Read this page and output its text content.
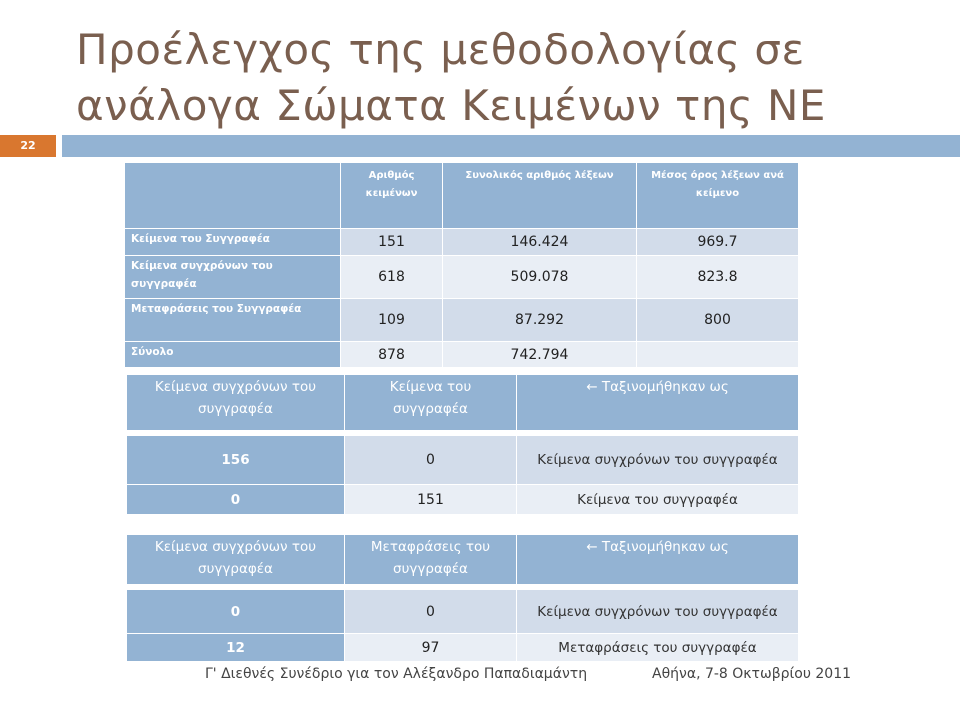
Προέλεγχος της μεθοδολογίας σε
ανάλογα Σώματα Κειμένων της ΝΕ
22
	Αριθμός κειμένων	Συνολικός αριθμός λέξεων	Μέσος όρος λέξεων ανά κείμενο
Κείμενα του Συγγραφέα	151	146.424	969.7
Κείμενα συγχρόνων του συγγραφέα	618	509.078	823.8
Μεταφράσεις του Συγγραφέα	109	87.292	800
Σύνολο	878	742.794	
Κείμενα συγχρόνων του συγγραφέα	Κείμενα του συγγραφέα	← Ταξινομήθηκαν ως

156	0	Κείμενα συγχρόνων του συγγραφέα
0	151	Κείμενα του συγγραφέα
Κείμενα συγχρόνων του συγγραφέα	Μεταφράσεις του συγγραφέα	← Ταξινομήθηκαν ως

0	0	Κείμενα συγχρόνων του συγγραφέα
12	97	Μεταφράσεις του συγγραφέα
Γ' Διεθνές Συνέδριο για τον Αλέξανδρο Παπαδιαμάντη	Αθήνα, 7-8 Οκτωβρίου 2011
